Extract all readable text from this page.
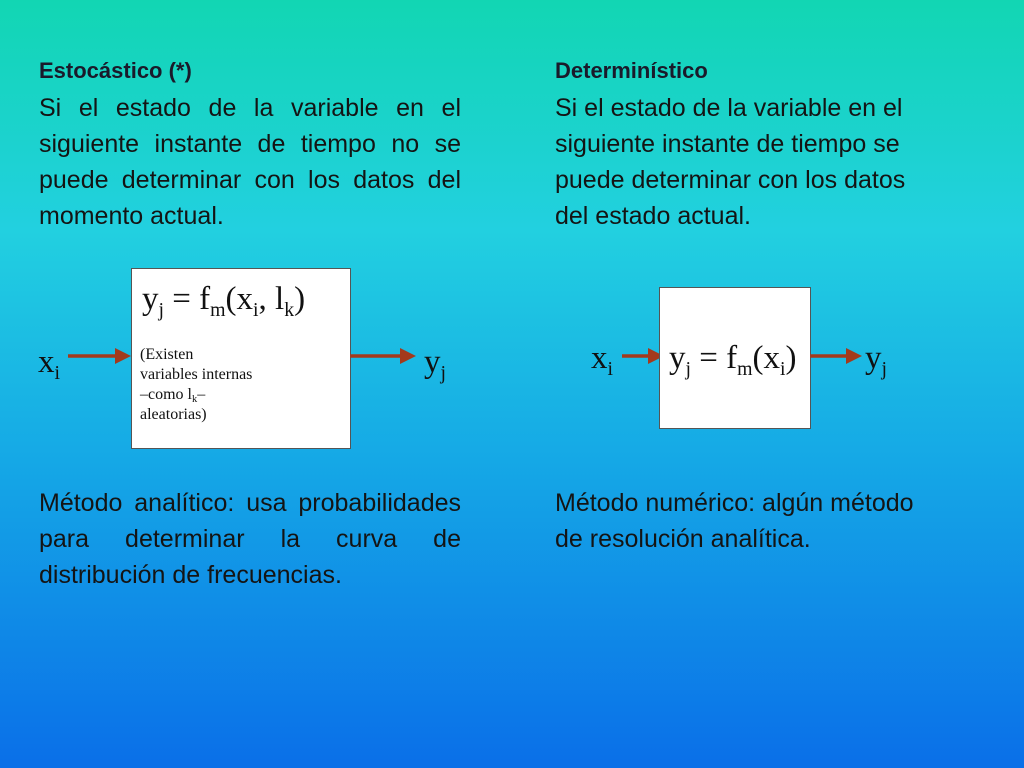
Estocástico (*)
Si el estado de la variable en el siguiente instante de tiempo no se puede determinar con los datos del momento actual.
$x_i$
$y_j = f_m(x_i$, $l_k$)
(Existen
variables internas
–como $l_k-$
aleatorias)
$y_j$
Método analítico: usa probabilidades para determinar la curva de distribución de frecuencias.
Determinístico
Si el estado de la variable en el
siguiente instante de tiempo se
puede determinar con los datos
del estado actual.
$x_i$ $y_j = f_m(x_i)$ $y_j$
Método numérico: algún método
de resolución analítica.
